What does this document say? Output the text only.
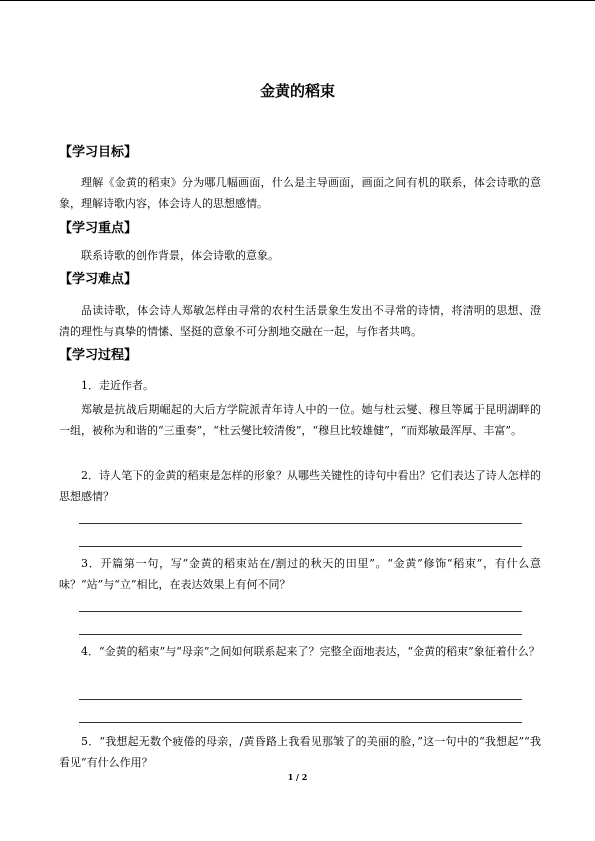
金黄的稻束
【学习目标】

理解《金黄的稻束》分为哪几幅画面，什么是主导画面，画面之间有机的联系，体会诗歌的意象，理解诗歌内容，体会诗人的思想感情。

【学习重点】

联系诗歌的创作背景，体会诗歌的意象。

【学习难点】

品读诗歌，体会诗人郑敏怎样由寻常的农村生活景象生发出不寻常的诗情，将清明的思想、澄清的理性与真挚的情愫、坚挺的意象不可分割地交融在一起，与作者共鸣。

【学习过程】

1．走近作者。

郑敏是抗战后期崛起的大后方学院派青年诗人中的一位。她与杜云燮、穆旦等属于昆明湖畔的一组，被称为和谐的“三重奏”，“杜云燮比较清俊”，“穆旦比较雄健”，“而郑敏最浑厚、丰富”。

2．诗人笔下的金黄的稻束是怎样的形象？从哪些关键性的诗句中看出？它们表达了诗人怎样的思想感情？

3．开篇第一句，写“金黄的稻束站在/割过的秋天的田里”。“金黄”修饰“稻束”，有什么意味？“站”与“立”相比，在表达效果上有何不同？

4．“金黄的稻束”与“母亲”之间如何联系起来了？完整全面地表达，“金黄的稻束”象征着什么？

5．“我想起无数个疲倦的母亲，/黄昏路上我看见那皱了的美丽的脸，”这一句中的“我想起”“我看见”有什么作用？

1 / 2
